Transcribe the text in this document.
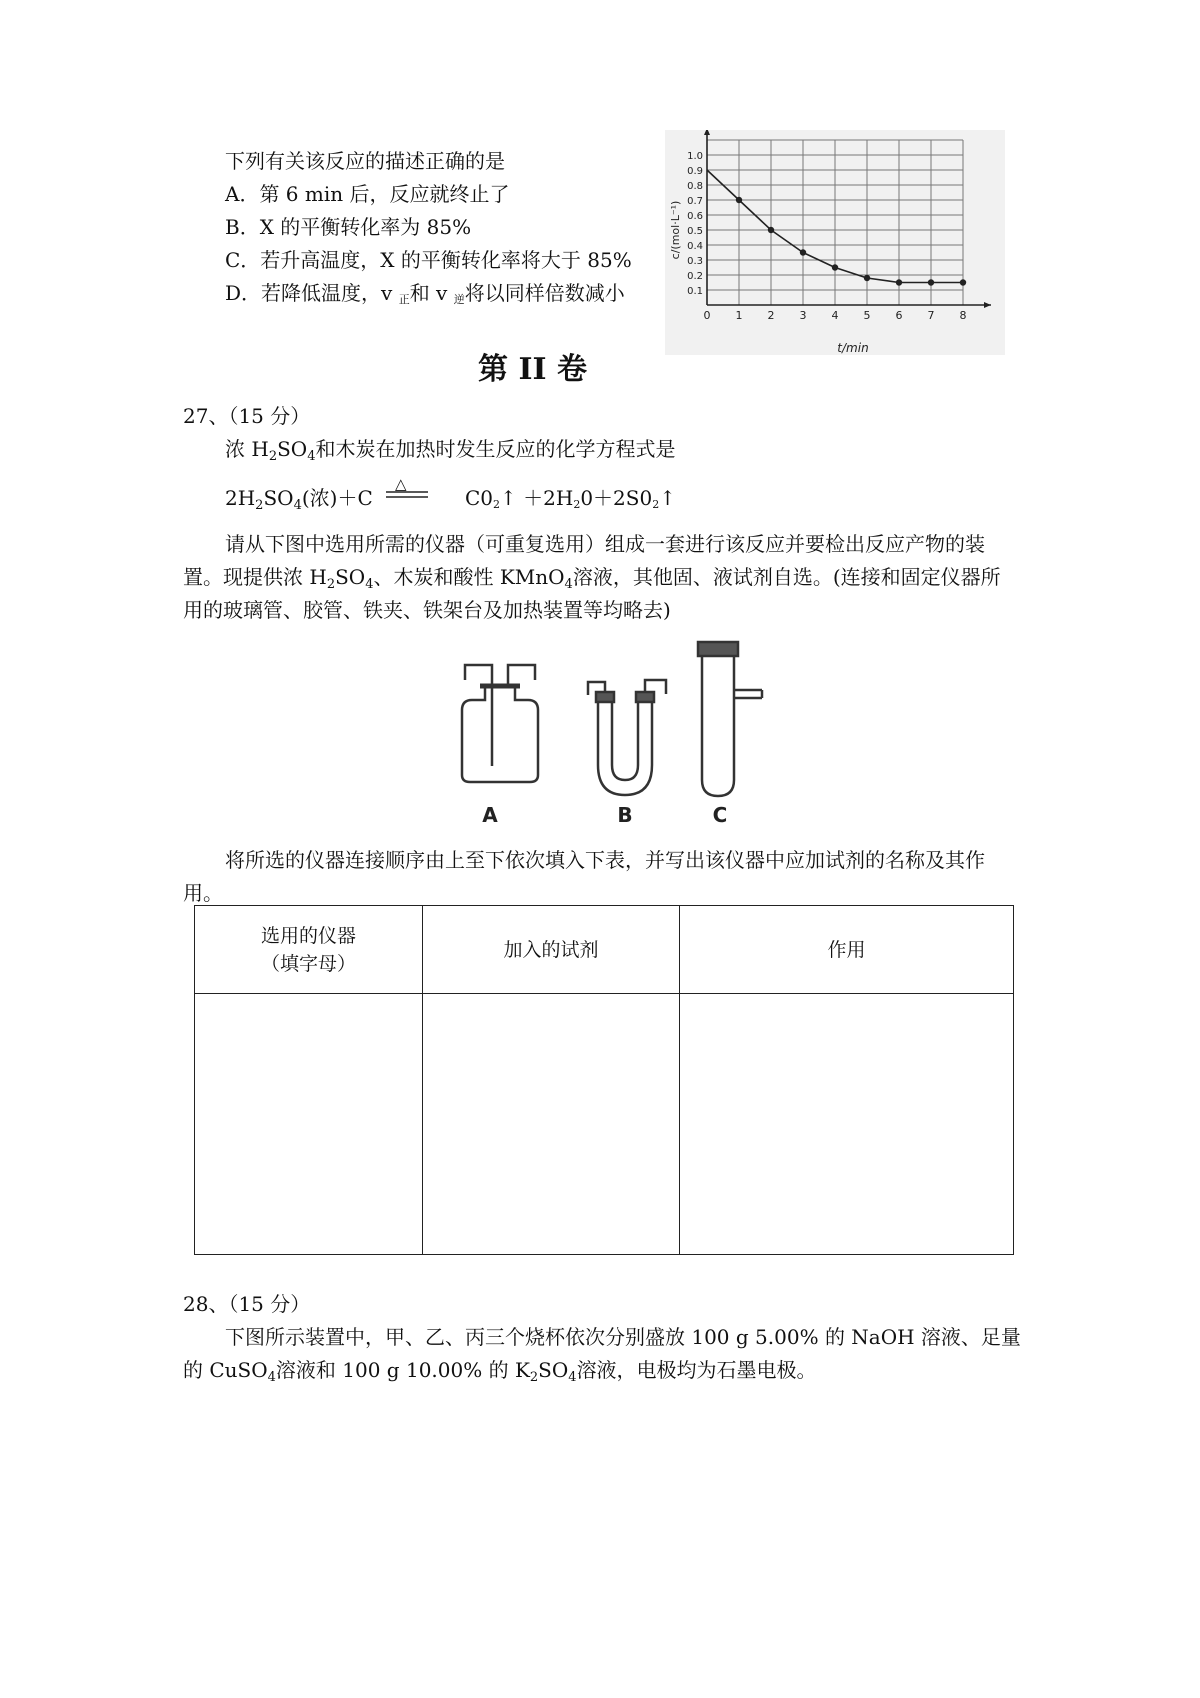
下列有关该反应的描述正确的是
A．第 6 min 后，反应就终止了
B．X 的平衡转化率为 85%
C．若升高温度，X 的平衡转化率将大于 85%
D．若降低温度，v $_正$和 v $_逆$将以同样倍数减小
0 1 2 3 4 5 6 7 8
0.1
0.2
0.3
0.4
0.5
0.6
0.7
0.8
0.9
1.0
t/min
c/(mol·L⁻¹)
第 II 卷
27、（15 分）
浓 $H_2SO_4$和木炭在加热时发生反应的化学方程式是
$2H_2SO_4$(浓)＋C
△
$C0_2↑$ $+2H_20+2S0_2↑$
请从下图中选用所需的仪器（可重复选用）组成一套进行该反应并要检出反应产物的装
置。现提供浓 $H_2SO_4$、木炭和酸性 KMnO$_4$溶液，其他固、液试剂自选。(连接和固定仪器所
用的玻璃管、胶管、铁夹、铁架台及加热装置等均略去)
A	B	C
将所选的仪器连接顺序由上至下依次填入下表，并写出该仪器中应加试剂的名称及其作
用。
选用的仪器
（填字母）	加入的试剂	作用

28、（15 分）
下图所示装置中，甲、乙、丙三个烧杯依次分别盛放 100 g 5.00% 的 NaOH 溶液、足量
的 CuSO$_4$溶液和 100 g 10.00% 的 $K_2SO_4$溶液，电极均为石墨电极。
